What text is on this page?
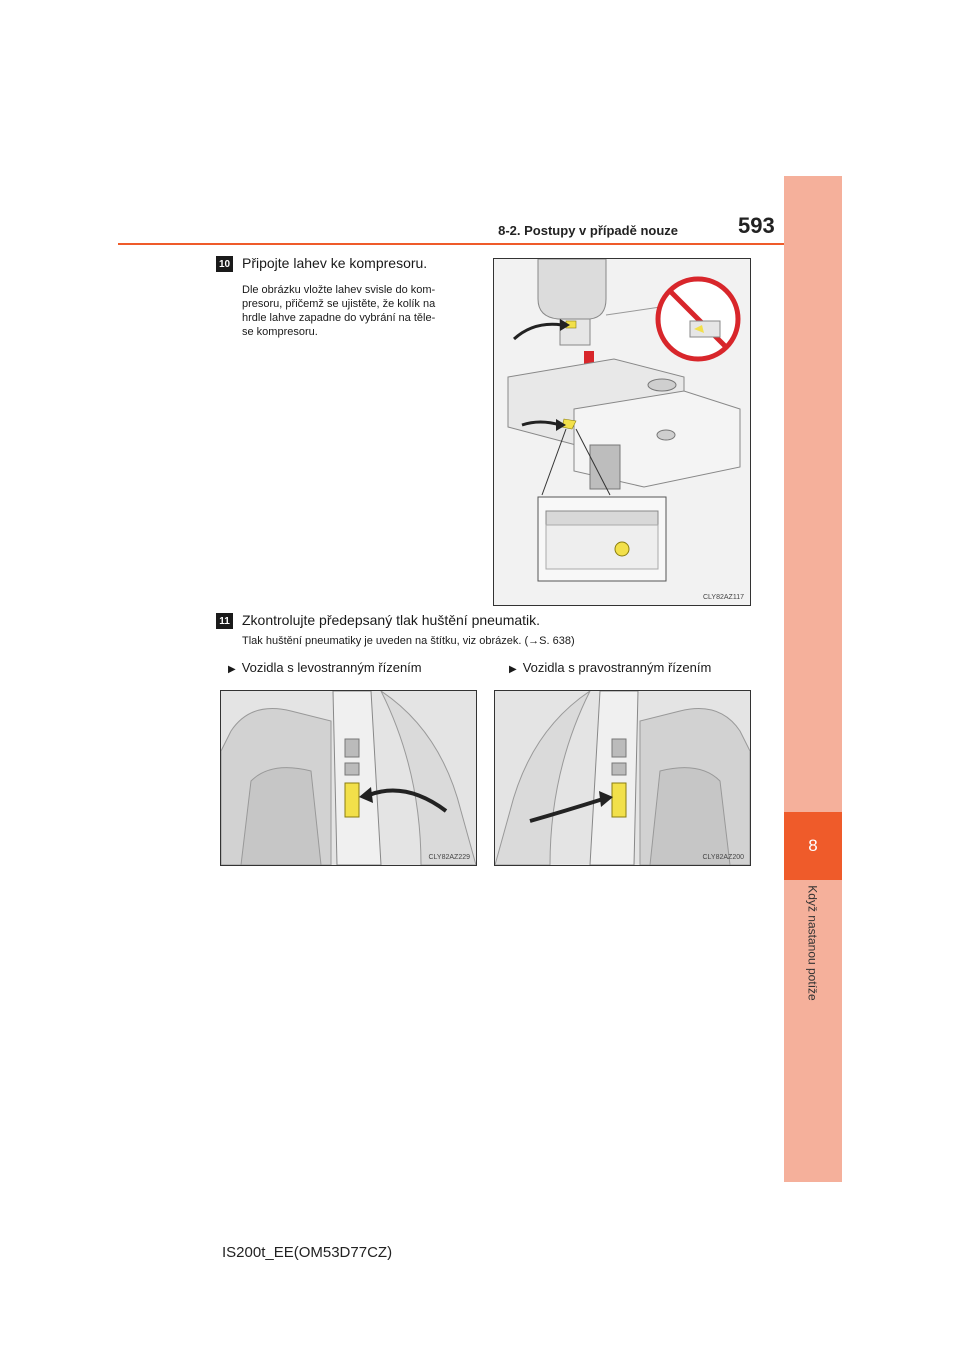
8
Když nastanou potíže
8-2. Postupy v případě nouze	593
10 Připojte lahev ke kompresoru.
Dle obrázku vložte lahev svisle do kom-
presoru, přičemž se ujistěte, že kolík na
hrdle lahve zapadne do vybrání na těle-
se kompresoru.
CLY82AZ117
11 Zkontrolujte předepsaný tlak huštění pneumatik.
Tlak huštění pneumatiky je uveden na štítku, viz obrázek. (→S. 638)
▶ Vozidla s levostranným řízením	▶ Vozidla s pravostranným řízením
CLY82AZ229	CLY82AZ200
IS200t_EE(OM53D77CZ)
